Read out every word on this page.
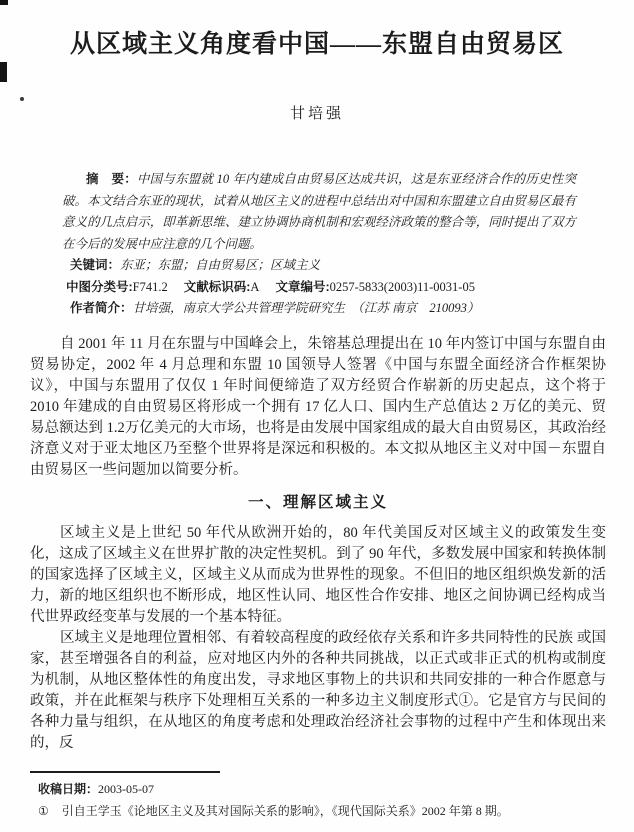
从区域主义角度看中国——东盟自由贸易区
甘培强

摘　要：中国与东盟就 10 年内建成自由贸易区达成共识，这是东亚经济合作的历史性突破。本文结合东亚的现状，试着从地区主义的进程中总结出对中国和东盟建立自由贸易区最有意义的几点启示，即革新思维、建立协调协商机制和宏观经济政策的整合等，同时提出了双方在今后的发展中应注意的几个问题。

关键词：东亚；东盟；自由贸易区；区域主义

中图分类号:F741.2 文献标识码:A 文章编号:0257-5833(2003)11-0031-05

作者简介：甘培强，南京大学公共管理学院研究生　（江苏 南京　210093）

自 2001 年 11 月在东盟与中国峰会上，朱镕基总理提出在 10 年内签订中国与东盟自由贸易协定，2002 年 4 月总理和东盟 10 国领导人签署《中国与东盟全面经济合作框架协议》，中国与东盟用了仅仅 1 年时间便缔造了双方经贸合作崭新的历史起点，这个将于 2010 年建成的自由贸易区将形成一个拥有 17 亿人口、国内生产总值达 2 万亿的美元、贸易总额达到 1.2万亿美元的大市场，也将是由发展中国家组成的最大自由贸易区，其政治经济意义对于亚太地区乃至整个世界将是深远和积极的。本文拟从地区主义对中国－东盟自由贸易区一些问题加以简要分析。

一、理解区域主义

区域主义是上世纪 50 年代从欧洲开始的，80 年代美国反对区域主义的政策发生变化，这成了区域主义在世界扩散的决定性契机。到了 90 年代，多数发展中国家和转换体制的国家选择了区域主义，区域主义从而成为世界性的现象。不但旧的地区组织焕发新的活力，新的地区组织也不断形成，地区性认同、地区性合作安排、地区之间协调已经构成当代世界政经变革与发展的一个基本特征。

区域主义是地理位置相邻、有着较高程度的政经依存关系和许多共同特性的民族 或国家，甚至增强各自的利益，应对地区内外的各种共同挑战，以正式或非正式的机构或制度为机制，从地区整体性的角度出发，寻求地区事物上的共识和共同安排的一种合作愿意与政策，并在此框架与秩序下处理相互关系的一种多边主义制度形式①。它是官方与民间的各种力量与组织，在从地区的角度考虑和处理政治经济社会事物的过程中产生和体现出来的，反

收稿日期：2003-05-07

① 引自王学玉《论地区主义及其对国际关系的影响》，《现代国际关系》2002 年第 8 期。
